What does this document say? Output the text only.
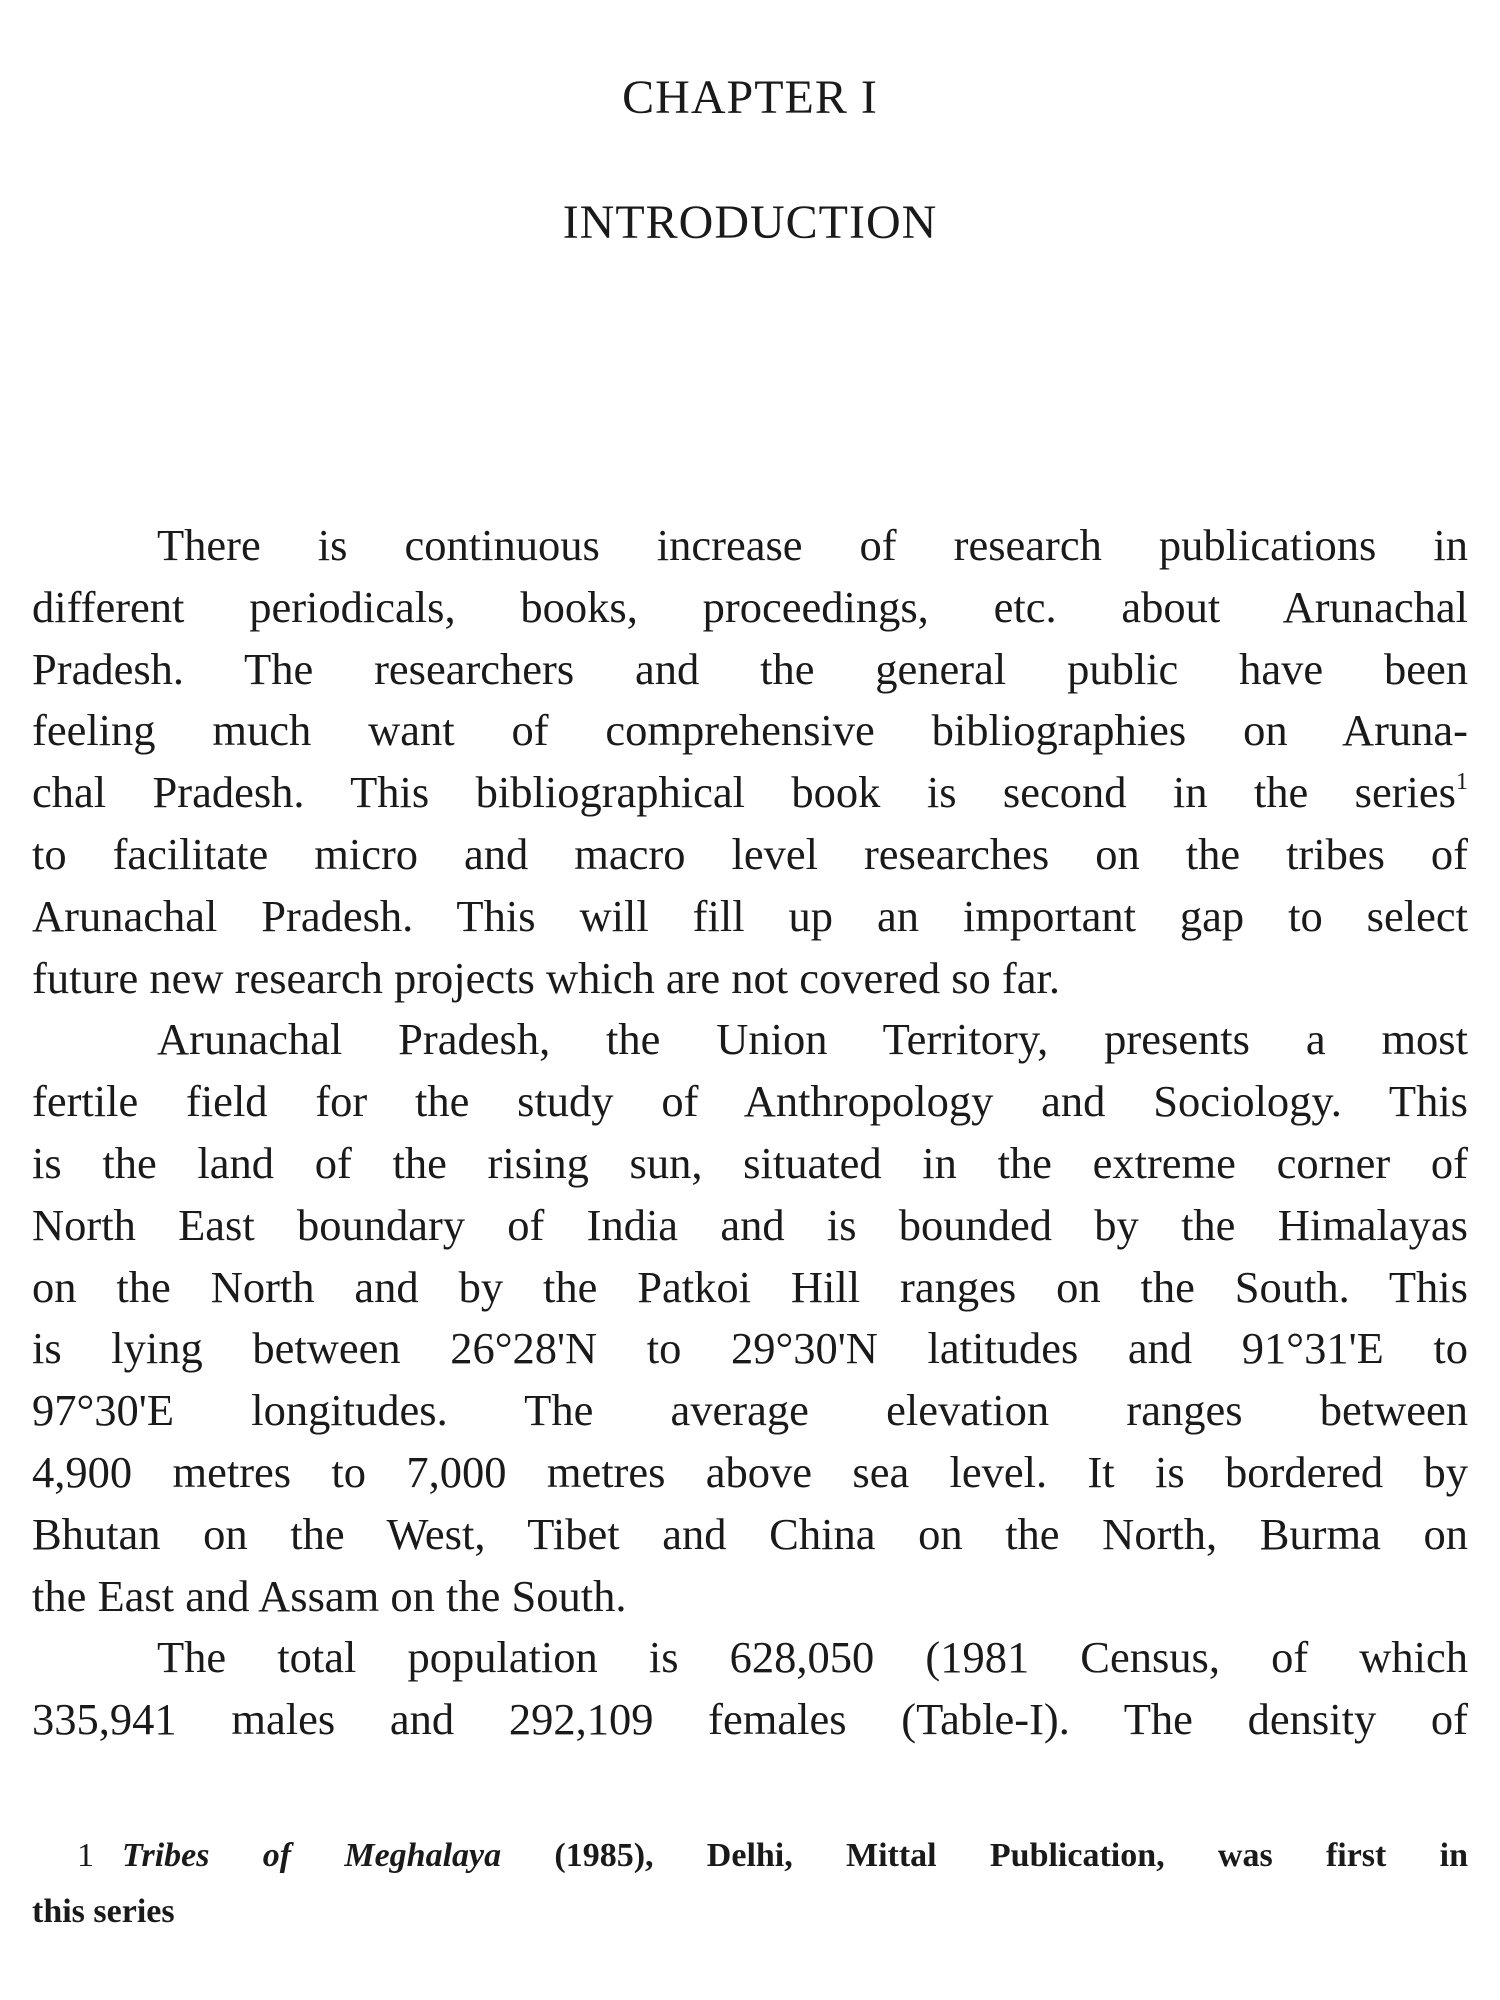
CHAPTER I
INTRODUCTION
There is continuous increase of research publications in
different periodicals, books, proceedings, etc. about Arunachal
Pradesh. The researchers and the general public have been
feeling much want of comprehensive bibliographies on Aruna-
chal Pradesh. This bibliographical book is second in the series$^1$
to facilitate micro and macro level researches on the tribes of
Arunachal Pradesh. This will fill up an important gap to select
future new research projects which are not covered so far.
Arunachal Pradesh, the Union Territory, presents a most
fertile field for the study of Anthropology and Sociology. This
is the land of the rising sun, situated in the extreme corner of
North East boundary of India and is bounded by the Himalayas
on the North and by the Patkoi Hill ranges on the South. This
is lying between 26°28'N to 29°30'N latitudes and 91°31'E to
97°30'E longitudes. The average elevation ranges between
4,900 metres to 7,000 metres above sea level. It is bordered by
Bhutan on the West, Tibet and China on the North, Burma on
the East and Assam on the South.
The total population is 628,050 (1981 Census, of which
335,941 males and 292,109 females (Table-I). The density of
1 Tribes of Meghalaya (1985), Delhi, Mittal Publication, was first in
this series
